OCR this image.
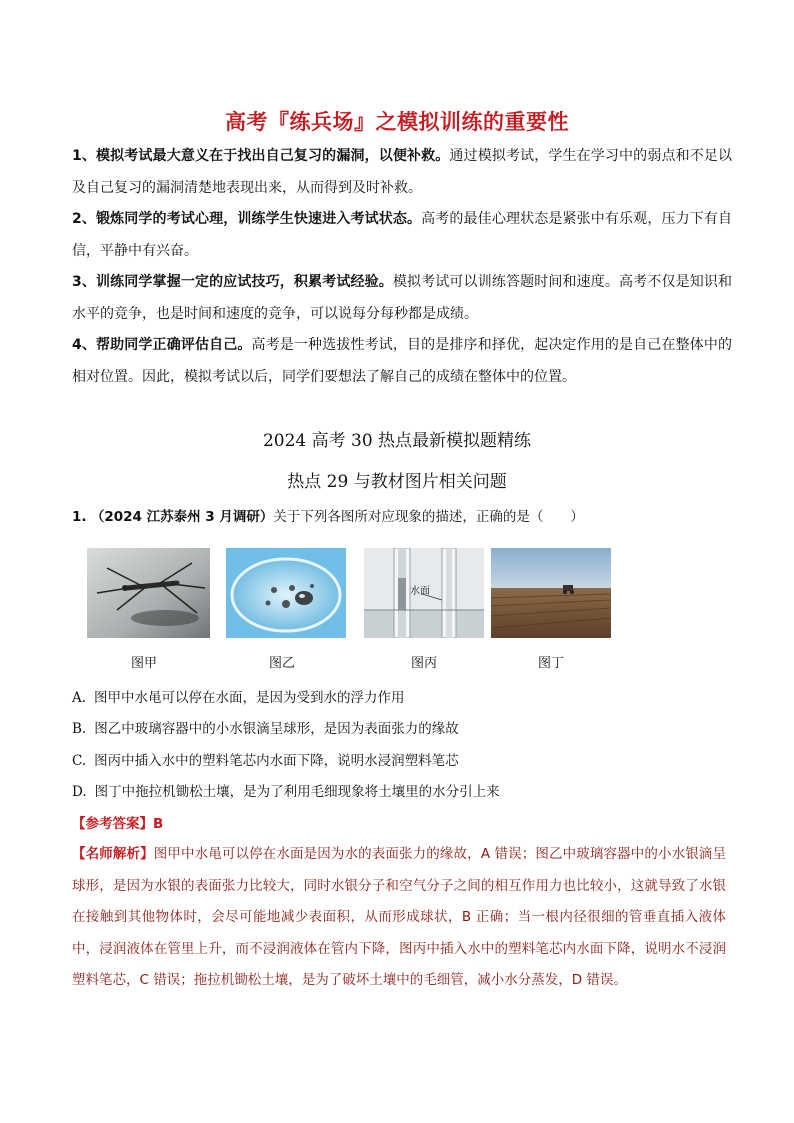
高考『练兵场』之模拟训练的重要性

1、模拟考试最大意义在于找出自己复习的漏洞，以便补救。通过模拟考试，学生在学习中的弱点和不足以及自己复习的漏洞清楚地表现出来，从而得到及时补救。

2、锻炼同学的考试心理，训练学生快速进入考试状态。高考的最佳心理状态是紧张中有乐观，压力下有自信，平静中有兴奋。

3、训练同学掌握一定的应试技巧，积累考试经验。模拟考试可以训练答题时间和速度。高考不仅是知识和水平的竞争，也是时间和速度的竞争，可以说每分每秒都是成绩。

4、帮助同学正确评估自己。高考是一种选拔性考试，目的是排序和择优，起决定作用的是自己在整体中的相对位置。因此，模拟考试以后，同学们要想法了解自己的成绩在整体中的位置。

2024 高考 30 热点最新模拟题精练
热点 29 与教材图片相关问题
1. （2024 江苏泰州 3 月调研）关于下列各图所对应现象的描述，正确的是（　　）
水面
图甲	图乙	图丙	图丁
A. 图甲中水黾可以停在水面，是因为受到水的浮力作用
B. 图乙中玻璃容器中的小水银滴呈球形，是因为表面张力的缘故
C. 图丙中插入水中的塑料笔芯内水面下降，说明水浸润塑料笔芯
D. 图丁中拖拉机锄松土壤，是为了利用毛细现象将土壤里的水分引上来
【参考答案】B
【名师解析】图甲中水黾可以停在水面是因为水的表面张力的缘故，A 错误；图乙中玻璃容器中的小水银滴呈球形，是因为水银的表面张力比较大，同时水银分子和空气分子之间的相互作用力也比较小，这就导致了水银在接触到其他物体时，会尽可能地减少表面积，从而形成球状，B 正确；当一根内径很细的管垂直插入液体中，浸润液体在管里上升，而不浸润液体在管内下降，图丙中插入水中的塑料笔芯内水面下降，说明水不浸润塑料笔芯，C 错误；拖拉机锄松土壤，是为了破坏土壤中的毛细管，减小水分蒸发，D 错误。
